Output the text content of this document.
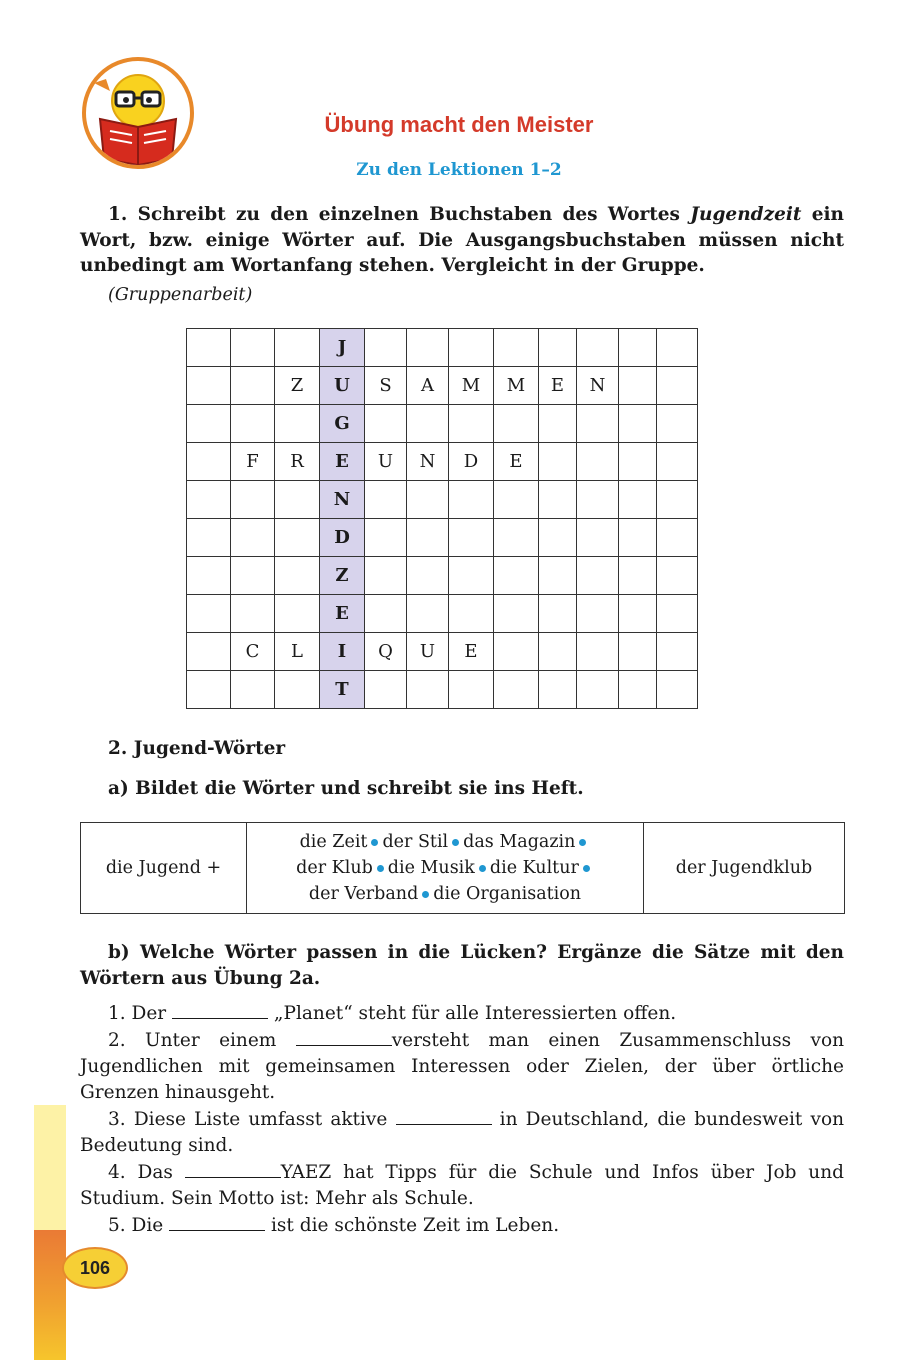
Übung macht den Meister
Zu den Lektionen 1–2
1. Schreibt zu den einzelnen Buchstaben des Wortes Jugendzeit ein Wort, bzw. einige Wörter auf. Die Ausgangsbuchstaben müssen nicht unbedingt am Wortanfang stehen. Vergleicht in der Gruppe.
(Gruppenarbeit)
			J								
		Z	U	S	A	M	M	E	N		
			G								
	F	R	E	U	N	D	E				
			N								
			D								
			Z								
			E								
	C	L	I	Q	U	E					
			T								
2. Jugend-Wörter
a) Bildet die Wörter und schreibt sie ins Heft.
die Jugend +	die Zeit der Stil das Magazin
der Klub die Musik die Kultur
der Verband die Organisation	der Jugendklub
b) Welche Wörter passen in die Lücken? Ergänze die Sätze mit den Wörtern aus Übung 2a.

1. Der	„Planet“ steht für alle Interessierten offen.

2. Unter einem	versteht man einen Zusammenschluss von Jugendlichen mit gemeinsamen Interessen oder Zielen, der über örtliche Grenzen hinausgeht.

3. Diese Liste umfasst aktive	in Deutschland, die bundesweit von Bedeutung sind.

4. Das	YAEZ hat Tipps für die Schule und Infos über Job und Studium. Sein Motto ist: Mehr als Schule.

5. Die	ist die schönste Zeit im Leben.

106
